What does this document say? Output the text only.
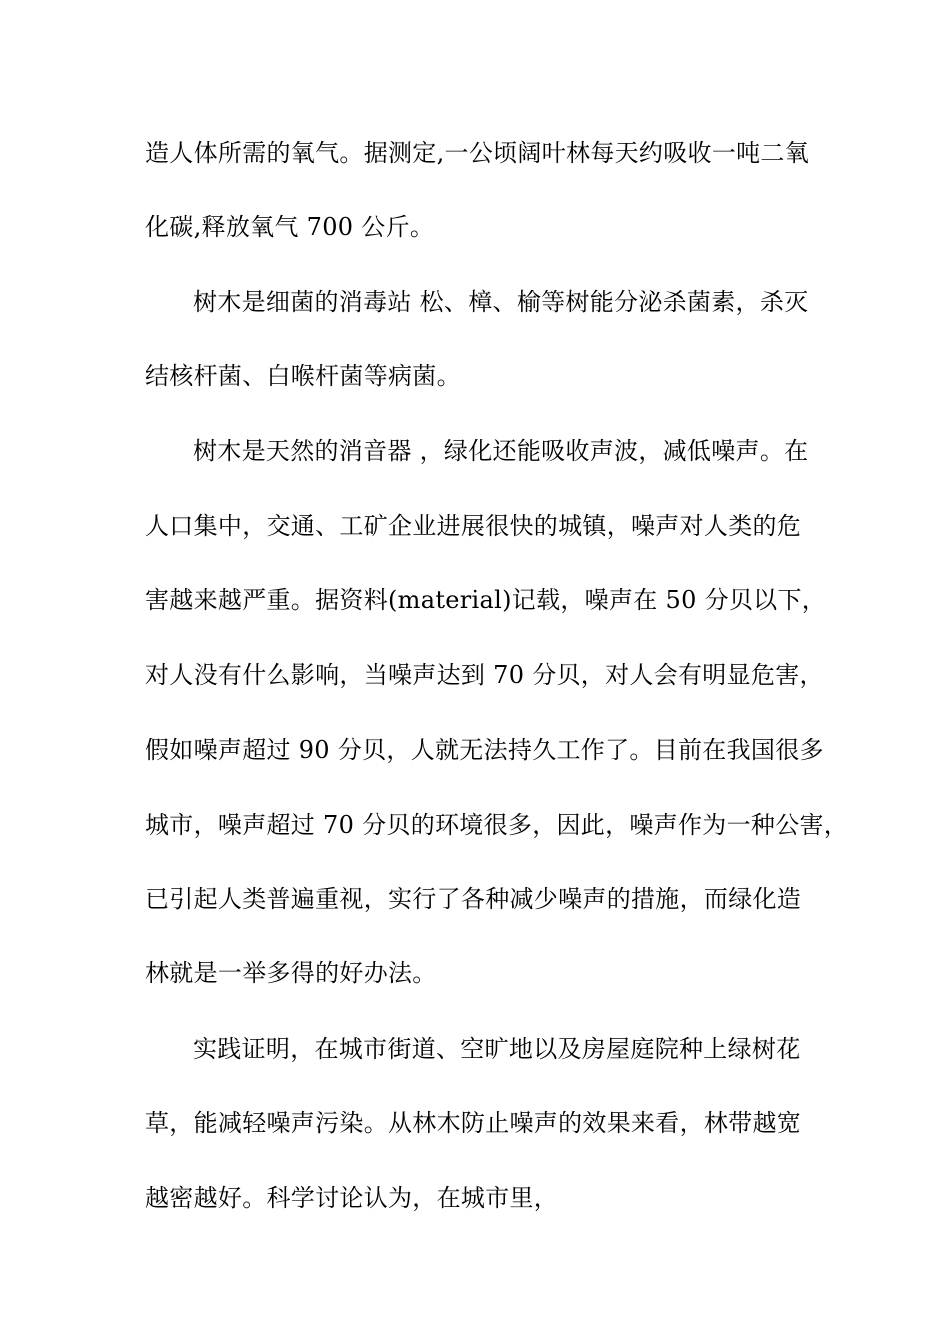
造人体所需的氧气。据测定,一公顷阔叶林每天约吸收一吨二氧
化碳,释放氧气 700 公斤。
树木是细菌的消毒站 松、樟、榆等树能分泌杀菌素，杀灭
结核杆菌、白喉杆菌等病菌。
树木是天然的消音器 ，绿化还能吸收声波，减低噪声。在
人口集中，交通、工矿企业进展很快的城镇，噪声对人类的危
害越来越严重。据资料(material)记载，噪声在 50 分贝以下，
对人没有什么影响，当噪声达到 70 分贝，对人会有明显危害，
假如噪声超过 90 分贝，人就无法持久工作了。目前在我国很多
城市，噪声超过 70 分贝的环境很多，因此，噪声作为一种公害，
已引起人类普遍重视，实行了各种减少噪声的措施，而绿化造
林就是一举多得的好办法。
实践证明，在城市街道、空旷地以及房屋庭院种上绿树花
草，能减轻噪声污染。从林木防止噪声的效果来看，林带越宽
越密越好。科学讨论认为，在城市里，
